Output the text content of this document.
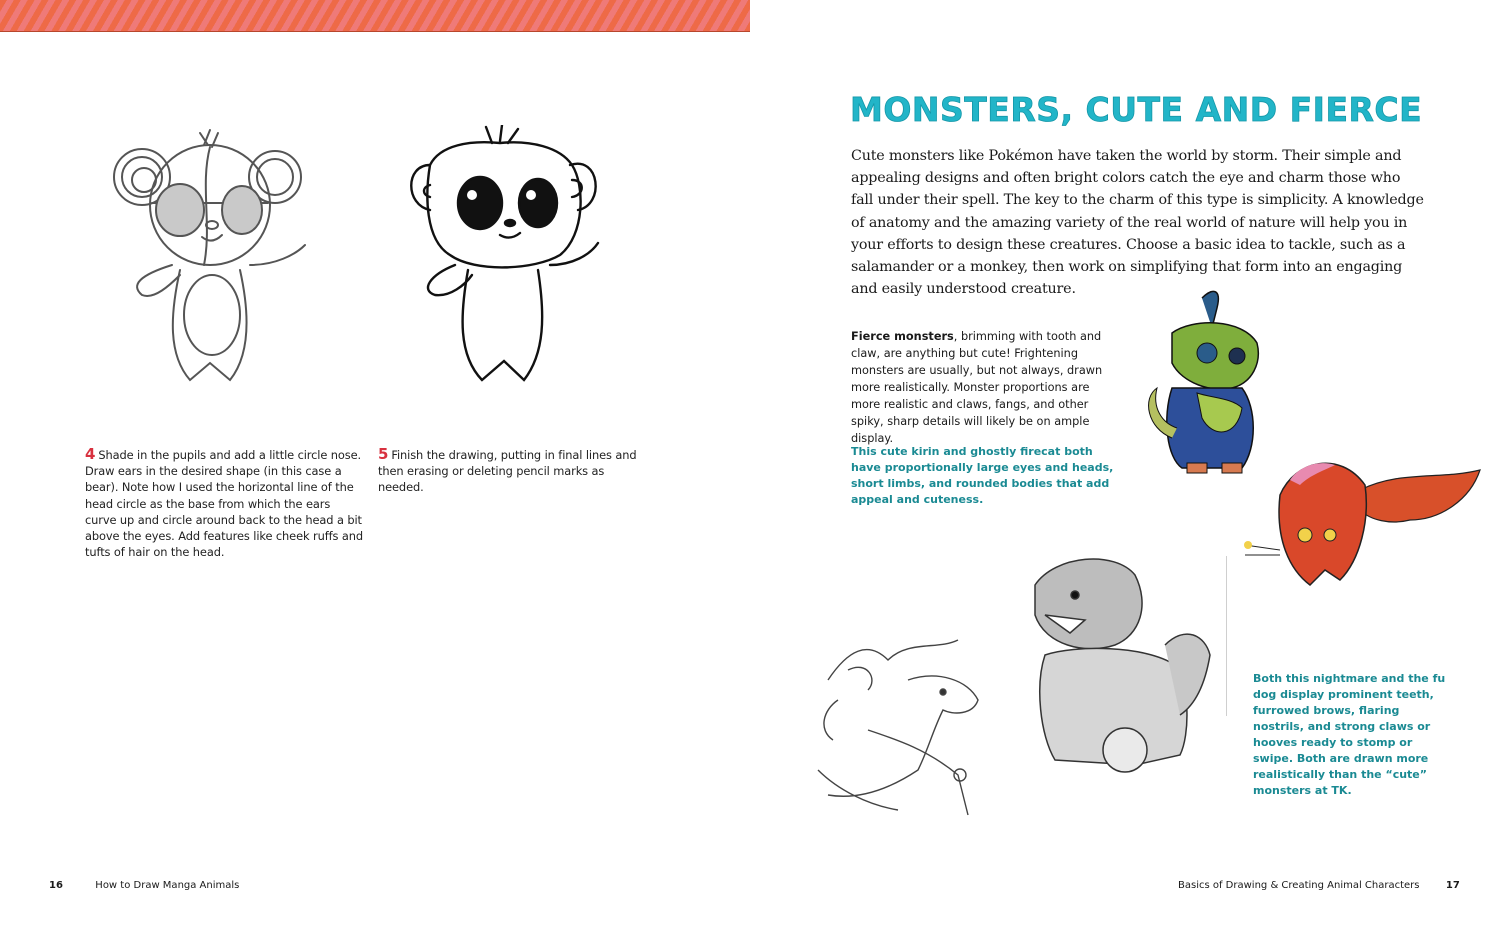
4 Shade in the pupils and add a little circle nose. Draw ears in the desired shape (in this case a bear). Note how I used the horizontal line of the head circle as the base from which the ears curve up and circle around back to the head a bit above the eyes. Add features like cheek ruffs and tufts of hair on the head.
5 Finish the drawing, putting in final lines and then erasing or deleting pencil marks as needed.
16	How to Draw Manga Animals
MONSTERS, CUTE AND FIERCE
Cute monsters like Pokémon have taken the world by storm. Their simple and appealing designs and often bright colors catch the eye and charm those who fall under their spell. The key to the charm of this type is simplicity. A knowledge of anatomy and the amazing variety of the real world of nature will help you in your efforts to design these creatures. Choose a basic idea to tackle, such as a salamander or a monkey, then work on simplifying that form into an engaging and easily understood creature.
Fierce monsters, brimming with tooth and claw, are anything but cute! Frightening monsters are usually, but not always, drawn more realistically. Monster proportions are more realistic and claws, fangs, and other spiky, sharp details will likely be on ample display.
This cute kirin and ghostly firecat both have proportionally large eyes and heads, short limbs, and rounded bodies that add appeal and cuteness.
Both this nightmare and the fu dog display prominent teeth, furrowed brows, flaring nostrils, and strong claws or hooves ready to stomp or swipe. Both are drawn more realistically than the “cute” monsters at TK.
Basics of Drawing & Creating Animal Characters	17
